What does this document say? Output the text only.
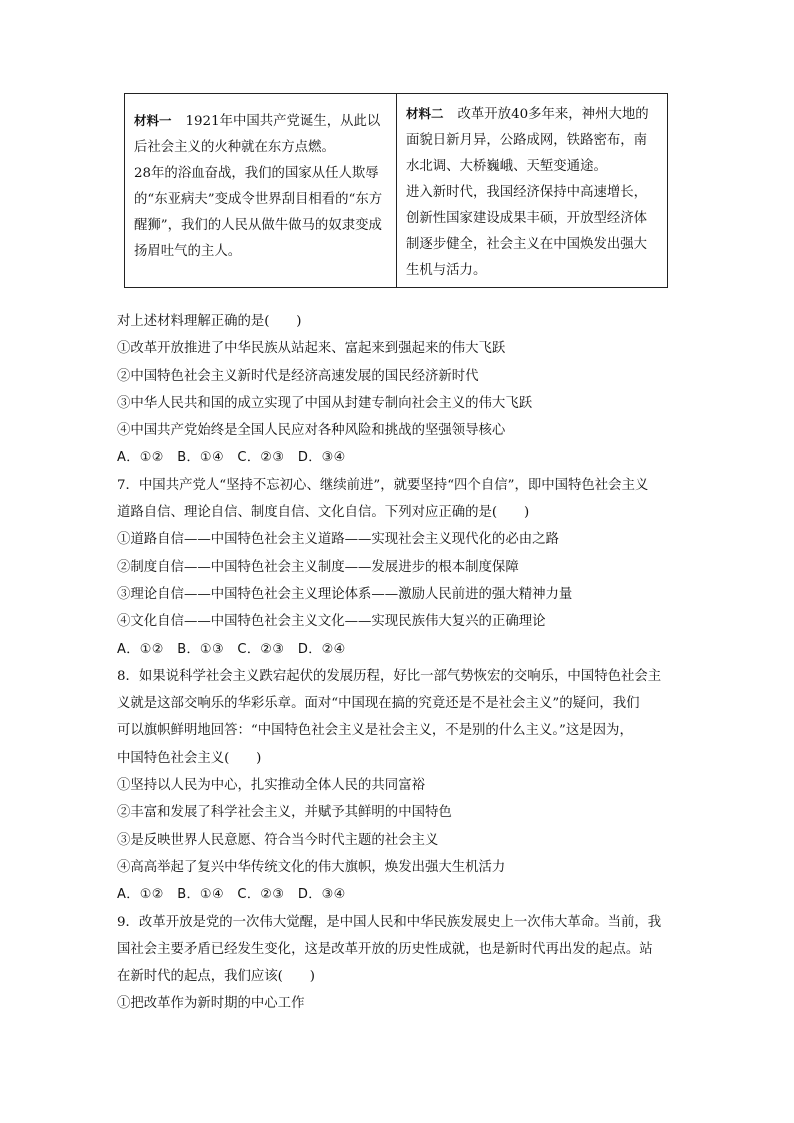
材料一 1921年中国共产党诞生，从此以后社会主义的火种就在东方点燃。

28年的浴血奋战，我们的国家从任人欺辱的“东亚病夫”变成令世界刮目相看的“东方醒狮”，我们的人民从做牛做马的奴隶变成扬眉吐气的主人。

材料二 改革开放40多年来，神州大地的面貌日新月异，公路成网，铁路密布，南水北调、大桥巍峨、天堑变通途。

进入新时代，我国经济保持中高速增长，创新性国家建设成果丰硕，开放型经济体制逐步健全，社会主义在中国焕发出强大生机与活力。

对上述材料理解正确的是(　　)
①改革开放推进了中华民族从站起来、富起来到强起来的伟大飞跃
②中国特色社会主义新时代是经济高速发展的国民经济新时代
③中华人民共和国的成立实现了中国从封建专制向社会主义的伟大飞跃
④中国共产党始终是全国人民应对各种风险和挑战的坚强领导核心
A．①②　B．①④　C．②③　D．③④
7．中国共产党人“坚持不忘初心、继续前进”，就要坚持“四个自信”，即中国特色社会主义
道路自信、理论自信、制度自信、文化自信。下列对应正确的是(　　)
①道路自信——中国特色社会主义道路——实现社会主义现代化的必由之路
②制度自信——中国特色社会主义制度——发展进步的根本制度保障
③理论自信——中国特色社会主义理论体系——激励人民前进的强大精神力量
④文化自信——中国特色社会主义文化——实现民族伟大复兴的正确理论
A．①②　B．①③　C．②③　D．②④
8．如果说科学社会主义跌宕起伏的发展历程，好比一部气势恢宏的交响乐，中国特色社会主
义就是这部交响乐的华彩乐章。面对“中国现在搞的究竟还是不是社会主义”的疑问，我们
可以旗帜鲜明地回答：“中国特色社会主义是社会主义，不是别的什么主义。”这是因为，
中国特色社会主义(　　)
①坚持以人民为中心，扎实推动全体人民的共同富裕
②丰富和发展了科学社会主义，并赋予其鲜明的中国特色
③是反映世界人民意愿、符合当今时代主题的社会主义
④高高举起了复兴中华传统文化的伟大旗帜，焕发出强大生机活力
A．①②　B．①④　C．②③　D．③④
9．改革开放是党的一次伟大觉醒，是中国人民和中华民族发展史上一次伟大革命。当前，我
国社会主要矛盾已经发生变化，这是改革开放的历史性成就，也是新时代再出发的起点。站
在新时代的起点，我们应该(　　)
①把改革作为新时期的中心工作
